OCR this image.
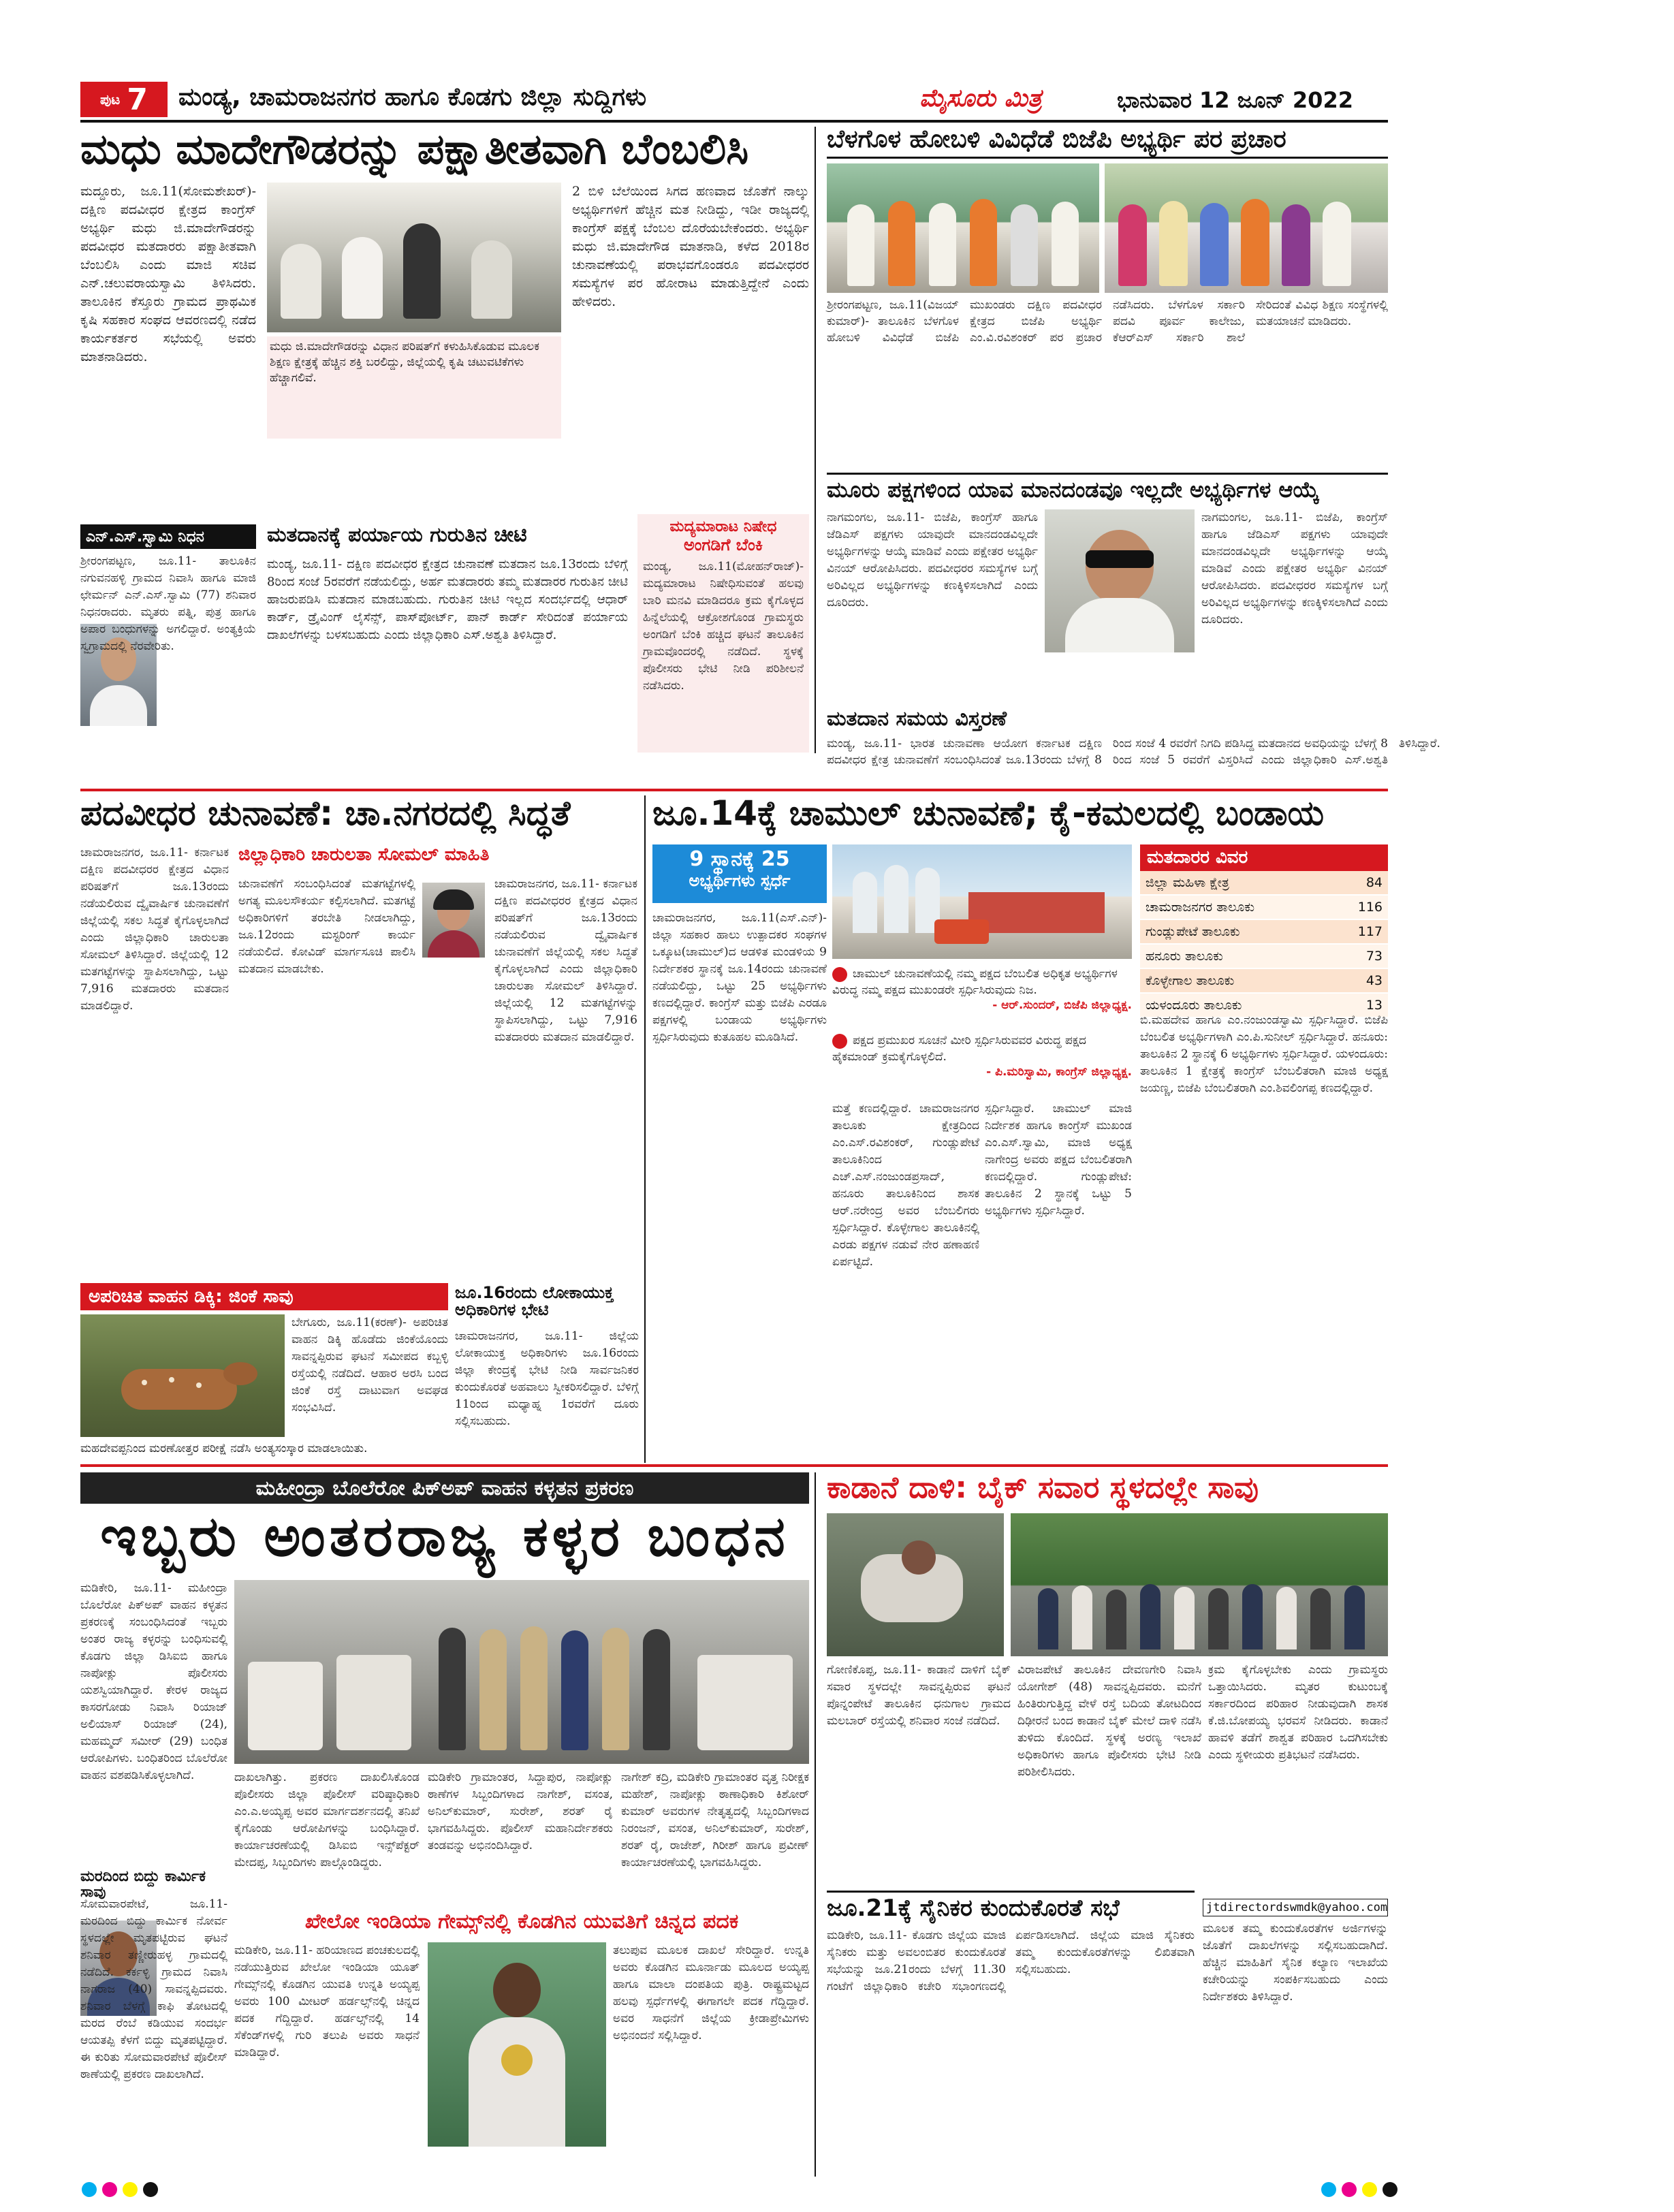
ಪುಟ 7 ಮಂಡ್ಯ, ಚಾಮರಾಜನಗರ ಹಾಗೂ ಕೊಡಗು ಜಿಲ್ಲಾ ಸುದ್ದಿಗಳು	ಮೈಸೂರು ಮಿತ್ರ	ಭಾನುವಾರ 12 ಜೂನ್ 2022
ಮಧು ಮಾದೇಗೌಡರನ್ನು ಪಕ್ಷಾತೀತವಾಗಿ ಬೆಂಬಲಿಸಿ
ಮದ್ದೂರು, ಜೂ.11(ಸೋಮಶೇಖರ್)- ದಕ್ಷಿಣ ಪದವೀಧರ ಕ್ಷೇತ್ರದ ಕಾಂಗ್ರೆಸ್ ಅಭ್ಯರ್ಥಿ ಮಧು ಜಿ.ಮಾದೇಗೌಡರನ್ನು ಪದವೀಧರ ಮತದಾರರು ಪಕ್ಷಾತೀತವಾಗಿ ಬೆಂಬಲಿಸಿ ಎಂದು ಮಾಜಿ ಸಚಿವ ಎನ್.ಚಲುವರಾಯಸ್ವಾಮಿ ತಿಳಿಸಿದರು. ತಾಲೂಕಿನ ಕೆಸ್ತೂರು ಗ್ರಾಮದ ಪ್ರಾಥಮಿಕ ಕೃಷಿ ಸಹಕಾರ ಸಂಘದ ಆವರಣದಲ್ಲಿ ನಡೆದ ಕಾರ್ಯಕರ್ತರ ಸಭೆಯಲ್ಲಿ ಅವರು ಮಾತನಾಡಿದರು.
ಮಧು ಜಿ.ಮಾದೇಗೌಡರನ್ನು ವಿಧಾನ ಪರಿಷತ್‌ಗೆ ಕಳುಹಿಸಿಕೊಡುವ ಮೂಲಕ ಶಿಕ್ಷಣ ಕ್ಷೇತ್ರಕ್ಕೆ ಹೆಚ್ಚಿನ ಶಕ್ತಿ ಬರಲಿದ್ದು, ಜಿಲ್ಲೆಯಲ್ಲಿ ಕೃಷಿ ಚಟುವಟಿಕೆಗಳು ಹೆಚ್ಚಾಗಲಿವೆ.
2 ಬಿಳಿ ಬೆಲೆಯಿಂದ ಸಿಗದ ಹಣವಾದ ಜೊತೆಗೆ ನಾಲ್ಕು ಅಭ್ಯರ್ಥಿಗಳಿಗೆ ಹೆಚ್ಚಿನ ಮತ ನೀಡಿದ್ದು, ಇಡೀ ರಾಜ್ಯದಲ್ಲಿ ಕಾಂಗ್ರೆಸ್ ಪಕ್ಷಕ್ಕೆ ಬೆಂಬಲ ದೊರೆಯಬೇಕೆಂದರು. ಅಭ್ಯರ್ಥಿ ಮಧು ಜಿ.ಮಾದೇಗೌಡ ಮಾತನಾಡಿ, ಕಳೆದ 2018ರ ಚುನಾವಣೆಯಲ್ಲಿ ಪರಾಭವಗೊಂಡರೂ ಪದವೀಧರರ ಸಮಸ್ಯೆಗಳ ಪರ ಹೋರಾಟ ಮಾಡುತ್ತಿದ್ದೇನೆ ಎಂದು ಹೇಳಿದರು.
ಎನ್.ಎಸ್.ಸ್ವಾಮಿ ನಿಧನ
ಶ್ರೀರಂಗಪಟ್ಟಣ, ಜೂ.11- ತಾಲೂಕಿನ ನಗುವನಹಳ್ಳಿ ಗ್ರಾಮದ ನಿವಾಸಿ ಹಾಗೂ ಮಾಜಿ ಛೇರ್ಮನ್ ಎನ್.ಎಸ್.ಸ್ವಾಮಿ (77) ಶನಿವಾರ ನಿಧನರಾದರು. ಮೃತರು ಪತ್ನಿ, ಪುತ್ರ ಹಾಗೂ ಅಪಾರ ಬಂಧುಗಳನ್ನು ಅಗಲಿದ್ದಾರೆ. ಅಂತ್ಯಕ್ರಿಯೆ ಸ್ವಗ್ರಾಮದಲ್ಲಿ ನೆರವೇರಿತು.
ಮತದಾನಕ್ಕೆ ಪರ್ಯಾಯ ಗುರುತಿನ ಚೀಟಿ
ಮಂಡ್ಯ, ಜೂ.11- ದಕ್ಷಿಣ ಪದವೀಧರ ಕ್ಷೇತ್ರದ ಚುನಾವಣೆ ಮತದಾನ ಜೂ.13ರಂದು ಬೆಳಿಗ್ಗೆ 8ರಿಂದ ಸಂಜೆ 5ರವರೆಗೆ ನಡೆಯಲಿದ್ದು, ಅರ್ಹ ಮತದಾರರು ತಮ್ಮ ಮತದಾರರ ಗುರುತಿನ ಚೀಟಿ ಹಾಜರುಪಡಿಸಿ ಮತದಾನ ಮಾಡಬಹುದು. ಗುರುತಿನ ಚೀಟಿ ಇಲ್ಲದ ಸಂದರ್ಭದಲ್ಲಿ ಆಧಾರ್ ಕಾರ್ಡ್, ಡ್ರೈವಿಂಗ್ ಲೈಸೆನ್ಸ್, ಪಾಸ್‌ಪೋರ್ಟ್, ಪಾನ್ ಕಾರ್ಡ್ ಸೇರಿದಂತೆ ಪರ್ಯಾಯ ದಾಖಲೆಗಳನ್ನು ಬಳಸಬಹುದು ಎಂದು ಜಿಲ್ಲಾಧಿಕಾರಿ ಎಸ್.ಅಶ್ವತಿ ತಿಳಿಸಿದ್ದಾರೆ.
ಮದ್ಯಮಾರಾಟ ನಿಷೇಧ
ಅಂಗಡಿಗೆ ಬೆಂಕಿ
ಮಂಡ್ಯ, ಜೂ.11(ಮೋಹನ್‌ರಾಜ್)- ಮದ್ಯಮಾರಾಟ ನಿಷೇಧಿಸುವಂತೆ ಹಲವು ಬಾರಿ ಮನವಿ ಮಾಡಿದರೂ ಕ್ರಮ ಕೈಗೊಳ್ಳದ ಹಿನ್ನೆಲೆಯಲ್ಲಿ ಆಕ್ರೋಶಗೊಂಡ ಗ್ರಾಮಸ್ಥರು ಅಂಗಡಿಗೆ ಬೆಂಕಿ ಹಚ್ಚಿದ ಘಟನೆ ತಾಲೂಕಿನ ಗ್ರಾಮವೊಂದರಲ್ಲಿ ನಡೆದಿದೆ. ಸ್ಥಳಕ್ಕೆ ಪೊಲೀಸರು ಭೇಟಿ ನೀಡಿ ಪರಿಶೀಲನೆ ನಡೆಸಿದರು.
ಬೆಳಗೊಳ ಹೋಬಳಿ ವಿವಿಧೆಡೆ ಬಿಜೆಪಿ ಅಭ್ಯರ್ಥಿ ಪರ ಪ್ರಚಾರ
ಶ್ರೀರಂಗಪಟ್ಟಣ, ಜೂ.11(ವಿಜಯ್ ಕುಮಾರ್)- ತಾಲೂಕಿನ ಬೆಳಗೊಳ ಹೋಬಳಿ ವಿವಿಧೆಡೆ ಬಿಜೆಪಿ ಮುಖಂಡರು ದಕ್ಷಿಣ ಪದವೀಧರ ಕ್ಷೇತ್ರದ ಬಿಜೆಪಿ ಅಭ್ಯರ್ಥಿ ಎಂ.ವಿ.ರವಿಶಂಕರ್ ಪರ ಪ್ರಚಾರ ನಡೆಸಿದರು. ಬೆಳಗೊಳ ಸರ್ಕಾರಿ ಪದವಿ ಪೂರ್ವ ಕಾಲೇಜು, ಕೆಆರ್‌ಎಸ್ ಸರ್ಕಾರಿ ಶಾಲೆ ಸೇರಿದಂತೆ ವಿವಿಧ ಶಿಕ್ಷಣ ಸಂಸ್ಥೆಗಳಲ್ಲಿ ಮತಯಾಚನೆ ಮಾಡಿದರು.
ಮೂರು ಪಕ್ಷಗಳಿಂದ ಯಾವ ಮಾನದಂಡವೂ ಇಲ್ಲದೇ ಅಭ್ಯರ್ಥಿಗಳ ಆಯ್ಕೆ
ನಾಗಮಂಗಲ, ಜೂ.11- ಬಿಜೆಪಿ, ಕಾಂಗ್ರೆಸ್ ಹಾಗೂ ಜೆಡಿಎಸ್ ಪಕ್ಷಗಳು ಯಾವುದೇ ಮಾನದಂಡವಿಲ್ಲದೇ ಅಭ್ಯರ್ಥಿಗಳನ್ನು ಆಯ್ಕೆ ಮಾಡಿವೆ ಎಂದು ಪಕ್ಷೇತರ ಅಭ್ಯರ್ಥಿ ವಿನಯ್ ಆರೋಪಿಸಿದರು. ಪದವೀಧರರ ಸಮಸ್ಯೆಗಳ ಬಗ್ಗೆ ಅರಿವಿಲ್ಲದ ಅಭ್ಯರ್ಥಿಗಳನ್ನು ಕಣಕ್ಕಿಳಿಸಲಾಗಿದೆ ಎಂದು ದೂರಿದರು.
ನಾಗಮಂಗಲ, ಜೂ.11- ಬಿಜೆಪಿ, ಕಾಂಗ್ರೆಸ್ ಹಾಗೂ ಜೆಡಿಎಸ್ ಪಕ್ಷಗಳು ಯಾವುದೇ ಮಾನದಂಡವಿಲ್ಲದೇ ಅಭ್ಯರ್ಥಿಗಳನ್ನು ಆಯ್ಕೆ ಮಾಡಿವೆ ಎಂದು ಪಕ್ಷೇತರ ಅಭ್ಯರ್ಥಿ ವಿನಯ್ ಆರೋಪಿಸಿದರು. ಪದವೀಧರರ ಸಮಸ್ಯೆಗಳ ಬಗ್ಗೆ ಅರಿವಿಲ್ಲದ ಅಭ್ಯರ್ಥಿಗಳನ್ನು ಕಣಕ್ಕಿಳಿಸಲಾಗಿದೆ ಎಂದು ದೂರಿದರು.
ಮತದಾನ ಸಮಯ ವಿಸ್ತರಣೆ
ಮಂಡ್ಯ, ಜೂ.11- ಭಾರತ ಚುನಾವಣಾ ಆಯೋಗ ಕರ್ನಾಟಕ ದಕ್ಷಿಣ ಪದವೀಧರ ಕ್ಷೇತ್ರ ಚುನಾವಣೆಗೆ ಸಂಬಂಧಿಸಿದಂತೆ ಜೂ.13ರಂದು ಬೆಳಗ್ಗೆ 8 ರಿಂದ ಸಂಜೆ 4 ರವರೆಗೆ ನಿಗದಿ ಪಡಿಸಿದ್ದ ಮತದಾನದ ಅವಧಿಯನ್ನು ಬೆಳಗ್ಗೆ 8 ರಿಂದ ಸಂಜೆ 5 ರವರೆಗೆ ವಿಸ್ತರಿಸಿದೆ ಎಂದು ಜಿಲ್ಲಾಧಿಕಾರಿ ಎಸ್.ಅಶ್ವತಿ ತಿಳಿಸಿದ್ದಾರೆ.
ಪದವೀಧರ ಚುನಾವಣೆ: ಚಾ.ನಗರದಲ್ಲಿ ಸಿದ್ಧತೆ
ಚಾಮರಾಜನಗರ, ಜೂ.11- ಕರ್ನಾಟಕ ದಕ್ಷಿಣ ಪದವೀಧರರ ಕ್ಷೇತ್ರದ ವಿಧಾನ ಪರಿಷತ್‌ಗೆ ಜೂ.13ರಂದು ನಡೆಯಲಿರುವ ದ್ವೈವಾರ್ಷಿಕ ಚುನಾವಣೆಗೆ ಜಿಲ್ಲೆಯಲ್ಲಿ ಸಕಲ ಸಿದ್ಧತೆ ಕೈಗೊಳ್ಳಲಾಗಿದೆ ಎಂದು ಜಿಲ್ಲಾಧಿಕಾರಿ ಚಾರುಲತಾ ಸೋಮಲ್ ತಿಳಿಸಿದ್ದಾರೆ. ಜಿಲ್ಲೆಯಲ್ಲಿ 12 ಮತಗಟ್ಟೆಗಳನ್ನು ಸ್ಥಾಪಿಸಲಾಗಿದ್ದು, ಒಟ್ಟು 7,916 ಮತದಾರರು ಮತದಾನ ಮಾಡಲಿದ್ದಾರೆ.
ಜಿಲ್ಲಾಧಿಕಾರಿ ಚಾರುಲತಾ ಸೋಮಲ್ ಮಾಹಿತಿ
ಚುನಾವಣೆಗೆ ಸಂಬಂಧಿಸಿದಂತೆ ಮತಗಟ್ಟೆಗಳಲ್ಲಿ ಅಗತ್ಯ ಮೂಲಸೌಕರ್ಯ ಕಲ್ಪಿಸಲಾಗಿದೆ. ಮತಗಟ್ಟೆ ಅಧಿಕಾರಿಗಳಿಗೆ ತರಬೇತಿ ನೀಡಲಾಗಿದ್ದು, ಜೂ.12ರಂದು ಮಸ್ಟರಿಂಗ್ ಕಾರ್ಯ ನಡೆಯಲಿದೆ. ಕೋವಿಡ್ ಮಾರ್ಗಸೂಚಿ ಪಾಲಿಸಿ ಮತದಾನ ಮಾಡಬೇಕು.
ಚಾಮರಾಜನಗರ, ಜೂ.11- ಕರ್ನಾಟಕ ದಕ್ಷಿಣ ಪದವೀಧರರ ಕ್ಷೇತ್ರದ ವಿಧಾನ ಪರಿಷತ್‌ಗೆ ಜೂ.13ರಂದು ನಡೆಯಲಿರುವ ದ್ವೈವಾರ್ಷಿಕ ಚುನಾವಣೆಗೆ ಜಿಲ್ಲೆಯಲ್ಲಿ ಸಕಲ ಸಿದ್ಧತೆ ಕೈಗೊಳ್ಳಲಾಗಿದೆ ಎಂದು ಜಿಲ್ಲಾಧಿಕಾರಿ ಚಾರುಲತಾ ಸೋಮಲ್ ತಿಳಿಸಿದ್ದಾರೆ. ಜಿಲ್ಲೆಯಲ್ಲಿ 12 ಮತಗಟ್ಟೆಗಳನ್ನು ಸ್ಥಾಪಿಸಲಾಗಿದ್ದು, ಒಟ್ಟು 7,916 ಮತದಾರರು ಮತದಾನ ಮಾಡಲಿದ್ದಾರೆ.
ಅಪರಿಚಿತ ವಾಹನ ಡಿಕ್ಕಿ: ಜಿಂಕೆ ಸಾವು
ಬೇಗೂರು, ಜೂ.11(ಕರಣ್)- ಅಪರಿಚಿತ ವಾಹನ ಡಿಕ್ಕಿ ಹೊಡೆದು ಜಿಂಕೆಯೊಂದು ಸಾವನ್ನಪ್ಪಿರುವ ಘಟನೆ ಸಮೀಪದ ಕಬ್ಬಳ್ಳಿ ರಸ್ತೆಯಲ್ಲಿ ನಡೆದಿದೆ. ಆಹಾರ ಅರಸಿ ಬಂದ ಜಿಂಕೆ ರಸ್ತೆ ದಾಟುವಾಗ ಅವಘಡ ಸಂಭವಿಸಿದೆ.
ಮಹದೇವಪ್ಪನಿಂದ ಮರಣೋತ್ತರ ಪರೀಕ್ಷೆ ನಡೆಸಿ ಅಂತ್ಯಸಂಸ್ಕಾರ ಮಾಡಲಾಯಿತು.
ಜೂ.16ರಂದು ಲೋಕಾಯುಕ್ತ ಅಧಿಕಾರಿಗಳ ಭೇಟಿ
ಚಾಮರಾಜನಗರ, ಜೂ.11- ಜಿಲ್ಲೆಯ ಲೋಕಾಯುಕ್ತ ಅಧಿಕಾರಿಗಳು ಜೂ.16ರಂದು ಜಿಲ್ಲಾ ಕೇಂದ್ರಕ್ಕೆ ಭೇಟಿ ನೀಡಿ ಸಾರ್ವಜನಿಕರ ಕುಂದುಕೊರತೆ ಅಹವಾಲು ಸ್ವೀಕರಿಸಲಿದ್ದಾರೆ. ಬೆಳಿಗ್ಗೆ 11ರಿಂದ ಮಧ್ಯಾಹ್ನ 1ರವರೆಗೆ ದೂರು ಸಲ್ಲಿಸಬಹುದು.
ಜೂ.14ಕ್ಕೆ ಚಾಮುಲ್ ಚುನಾವಣೆ; ಕೈ-ಕಮಲದಲ್ಲಿ ಬಂಡಾಯ
9 ಸ್ಥಾನಕ್ಕೆ 25
ಅಭ್ಯರ್ಥಿಗಳು ಸ್ಪರ್ಧೆ
ಚಾಮರಾಜನಗರ, ಜೂ.11(ಎಸ್.ಎನ್)- ಜಿಲ್ಲಾ ಸಹಕಾರ ಹಾಲು ಉತ್ಪಾದಕರ ಸಂಘಗಳ ಒಕ್ಕೂಟ(ಚಾಮುಲ್)ದ ಆಡಳಿತ ಮಂಡಳಿಯ 9 ನಿರ್ದೇಶಕರ ಸ್ಥಾನಕ್ಕೆ ಜೂ.14ರಂದು ಚುನಾವಣೆ ನಡೆಯಲಿದ್ದು, ಒಟ್ಟು 25 ಅಭ್ಯರ್ಥಿಗಳು ಕಣದಲ್ಲಿದ್ದಾರೆ. ಕಾಂಗ್ರೆಸ್ ಮತ್ತು ಬಿಜೆಪಿ ಎರಡೂ ಪಕ್ಷಗಳಲ್ಲಿ ಬಂಡಾಯ ಅಭ್ಯರ್ಥಿಗಳು ಸ್ಪರ್ಧಿಸಿರುವುದು ಕುತೂಹಲ ಮೂಡಿಸಿದೆ.
ಚಾಮುಲ್ ಚುನಾವಣೆಯಲ್ಲಿ ನಮ್ಮ ಪಕ್ಷದ ಬೆಂಬಲಿತ ಅಧಿಕೃತ ಅಭ್ಯರ್ಥಿಗಳ ವಿರುದ್ಧ ನಮ್ಮ ಪಕ್ಷದ ಮುಖಂಡರೇ ಸ್ಪರ್ಧಿಸಿರುವುದು ನಿಜ.
- ಆರ್.ಸುಂದರ್, ಬಿಜೆಪಿ ಜಿಲ್ಲಾಧ್ಯಕ್ಷ.
ಪಕ್ಷದ ಪ್ರಮುಖರ ಸೂಚನೆ ಮೀರಿ ಸ್ಪರ್ಧಿಸಿರುವವರ ವಿರುದ್ಧ ಪಕ್ಷದ ಹೈಕಮಾಂಡ್ ಕ್ರಮಕೈಗೊಳ್ಳಲಿದೆ.
- ಪಿ.ಮರಿಸ್ವಾಮಿ, ಕಾಂಗ್ರೆಸ್ ಜಿಲ್ಲಾಧ್ಯಕ್ಷ.
ಮತ್ತೆ ಕಣದಲ್ಲಿದ್ದಾರೆ. ಚಾಮರಾಜನಗರ ತಾಲೂಕು ಕ್ಷೇತ್ರದಿಂದ ಎಂ.ಎಸ್.ರವಿಶಂಕರ್, ಗುಂಡ್ಲುಪೇಟೆ ತಾಲೂಕಿನಿಂದ ಎಚ್.ಎಸ್.ನಂಜುಂಡಪ್ರಸಾದ್, ಹನೂರು ತಾಲೂಕಿನಿಂದ ಶಾಸಕ ಆರ್.ನರೇಂದ್ರ ಅವರ ಬೆಂಬಲಿಗರು ಸ್ಪರ್ಧಿಸಿದ್ದಾರೆ. ಕೊಳ್ಳೇಗಾಲ ತಾಲೂಕಿನಲ್ಲಿ ಎರಡು ಪಕ್ಷಗಳ ನಡುವೆ ನೇರ ಹಣಾಹಣಿ ಏರ್ಪಟ್ಟಿದೆ.
ಸ್ಪರ್ಧಿಸಿದ್ದಾರೆ. ಚಾಮುಲ್ ಮಾಜಿ ನಿರ್ದೇಶಕ ಹಾಗೂ ಕಾಂಗ್ರೆಸ್ ಮುಖಂಡ ಎಂ.ಎಸ್.ಸ್ವಾಮಿ, ಮಾಜಿ ಅಧ್ಯಕ್ಷ ನಾಗೇಂದ್ರ ಅವರು ಪಕ್ಷದ ಬೆಂಬಲಿತರಾಗಿ ಕಣದಲ್ಲಿದ್ದಾರೆ. ಗುಂಡ್ಲುಪೇಟೆ: ತಾಲೂಕಿನ 2 ಸ್ಥಾನಕ್ಕೆ ಒಟ್ಟು 5 ಅಭ್ಯರ್ಥಿಗಳು ಸ್ಪರ್ಧಿಸಿದ್ದಾರೆ.
ಮತದಾರರ ವಿವರ
ಜಿಲ್ಲಾ ಮಹಿಳಾ ಕ್ಷೇತ್ರ	84
ಚಾಮರಾಜನಗರ ತಾಲೂಕು	116
ಗುಂಡ್ಲುಪೇಟೆ ತಾಲೂಕು	117
ಹನೂರು ತಾಲೂಕು	73
ಕೊಳ್ಳೇಗಾಲ ತಾಲೂಕು	43
ಯಳಂದೂರು ತಾಲೂಕು	13
ಬಿ.ಮಹದೇವ ಹಾಗೂ ಎಂ.ನಂಜುಂಡಸ್ವಾಮಿ ಸ್ಪರ್ಧಿಸಿದ್ದಾರೆ. ಬಿಜೆಪಿ ಬೆಂಬಲಿತ ಅಭ್ಯರ್ಥಿಗಳಾಗಿ ಎಂ.ಪಿ.ಸುನೀಲ್ ಸ್ಪರ್ಧಿಸಿದ್ದಾರೆ. ಹನೂರು: ತಾಲೂಕಿನ 2 ಸ್ಥಾನಕ್ಕೆ 6 ಅಭ್ಯರ್ಥಿಗಳು ಸ್ಪರ್ಧಿಸಿದ್ದಾರೆ. ಯಳಂದೂರು: ತಾಲೂಕಿನ 1 ಕ್ಷೇತ್ರಕ್ಕೆ ಕಾಂಗ್ರೆಸ್ ಬೆಂಬಲಿತರಾಗಿ ಮಾಜಿ ಅಧ್ಯಕ್ಷ ಜಯಣ್ಣ, ಬಿಜೆಪಿ ಬೆಂಬಲಿತರಾಗಿ ಎಂ.ಶಿವಲಿಂಗಪ್ಪ ಕಣದಲ್ಲಿದ್ದಾರೆ.
ಮಹೀಂದ್ರಾ ಬೊಲೆರೋ ಪಿಕ್‌ಅಪ್ ವಾಹನ ಕಳ್ಳತನ ಪ್ರಕರಣ
ಇಬ್ಬರು ಅಂತರರಾಜ್ಯ ಕಳ್ಳರ ಬಂಧನ
ಮಡಿಕೇರಿ, ಜೂ.11- ಮಹೀಂದ್ರಾ ಬೊಲೆರೋ ಪಿಕ್‌ಅಪ್ ವಾಹನ ಕಳ್ಳತನ ಪ್ರಕರಣಕ್ಕೆ ಸಂಬಂಧಿಸಿದಂತೆ ಇಬ್ಬರು ಅಂತರ ರಾಜ್ಯ ಕಳ್ಳರನ್ನು ಬಂಧಿಸುವಲ್ಲಿ ಕೊಡಗು ಜಿಲ್ಲಾ ಡಿಸಿಐಬಿ ಹಾಗೂ ನಾಪೋಕ್ಲು ಪೊಲೀಸರು ಯಶಸ್ವಿಯಾಗಿದ್ದಾರೆ. ಕೇರಳ ರಾಜ್ಯದ ಕಾಸರಗೋಡು ನಿವಾಸಿ ರಿಯಾಜ್ ಅಲಿಯಾಸ್ ರಿಯಾಜ್ (24), ಮಹಮ್ಮದ್ ಸಮೀರ್ (29) ಬಂಧಿತ ಆರೋಪಿಗಳು. ಬಂಧಿತರಿಂದ ಬೊಲೆರೋ ವಾಹನ ವಶಪಡಿಸಿಕೊಳ್ಳಲಾಗಿದೆ.	ದಾಖಲಾಗಿತ್ತು. ಪ್ರಕರಣ ದಾಖಲಿಸಿಕೊಂಡ ಪೊಲೀಸರು ಜಿಲ್ಲಾ ಪೊಲೀಸ್ ವರಿಷ್ಠಾಧಿಕಾರಿ ಎಂ.ಎ.ಅಯ್ಯಪ್ಪ ಅವರ ಮಾರ್ಗದರ್ಶನದಲ್ಲಿ ತನಿಖೆ ಕೈಗೊಂಡು ಆರೋಪಿಗಳನ್ನು ಬಂಧಿಸಿದ್ದಾರೆ. ಕಾರ್ಯಾಚರಣೆಯಲ್ಲಿ ಡಿಸಿಐಬಿ ಇನ್ಸ್‌ಪೆಕ್ಟರ್ ಮೇದಪ್ಪ, ಸಿಬ್ಬಂದಿಗಳು ಪಾಲ್ಗೊಂಡಿದ್ದರು.
ಮಡಿಕೇರಿ ಗ್ರಾಮಾಂತರ, ಸಿದ್ದಾಪುರ, ನಾಪೋಕ್ಲು ಠಾಣೆಗಳ ಸಿಬ್ಬಂದಿಗಳಾದ ನಾಗೇಶ್, ವಸಂತ, ಅನಿಲ್‌ಕುಮಾರ್, ಸುರೇಶ್, ಶರತ್ ರೈ ಭಾಗವಹಿಸಿದ್ದರು. ಪೊಲೀಸ್ ಮಹಾನಿರ್ದೇಶಕರು ತಂಡವನ್ನು ಅಭಿನಂದಿಸಿದ್ದಾರೆ.
ನಾಗೇಶ್ ಕದ್ರಿ, ಮಡಿಕೇರಿ ಗ್ರಾಮಾಂತರ ವೃತ್ತ ನಿರೀಕ್ಷಕ ಮಹೇಶ್, ನಾಪೋಕ್ಲು ಠಾಣಾಧಿಕಾರಿ ಕಿಶೋರ್ ಕುಮಾರ್ ಅವರುಗಳ ನೇತೃತ್ವದಲ್ಲಿ ಸಿಬ್ಬಂದಿಗಳಾದ ನಿರಂಜನ್, ವಸಂತ, ಅನಿಲ್‌ಕುಮಾರ್, ಸುರೇಶ್, ಶರತ್ ರೈ, ರಾಜೇಶ್, ಗಿರೀಶ್ ಹಾಗೂ ಪ್ರವೀಣ್ ಕಾರ್ಯಾಚರಣೆಯಲ್ಲಿ ಭಾಗವಹಿಸಿದ್ದರು.
ಮರದಿಂದ ಬಿದ್ದು ಕಾರ್ಮಿಕ ಸಾವು
ಸೋಮವಾರಪೇಟೆ, ಜೂ.11- ಮರದಿಂದ ಬಿದ್ದು ಕಾರ್ಮಿಕ ನೋರ್ವ ಸ್ಥಳದಲ್ಲೇ ಮೃತಪಟ್ಟಿರುವ ಘಟನೆ ಶನಿವಾರ ತಣ್ಣೀರುಹಳ್ಳ ಗ್ರಾಮದಲ್ಲಿ ನಡೆದಿದೆ. ಕರ್ಕಳ್ಳಿ ಗ್ರಾಮದ ನಿವಾಸಿ ನಾಗರಾಜ (40) ಸಾವನ್ನಪ್ಪಿದವರು. ಶನಿವಾರ ಬೆಳಗ್ಗೆ ಕಾಫಿ ತೋಟದಲ್ಲಿ ಮರದ ರೆಂಬೆ ಕಡಿಯುವ ಸಂದರ್ಭ ಆಯತಪ್ಪಿ ಕೆಳಗೆ ಬಿದ್ದು ಮೃತಪಟ್ಟಿದ್ದಾರೆ. ಈ ಕುರಿತು ಸೋಮವಾರಪೇಟೆ ಪೊಲೀಸ್ ಠಾಣೆಯಲ್ಲಿ ಪ್ರಕರಣ ದಾಖಲಾಗಿದೆ.
ಖೇಲೋ ಇಂಡಿಯಾ ಗೇಮ್ಸ್‌ನಲ್ಲಿ ಕೊಡಗಿನ ಯುವತಿಗೆ ಚಿನ್ನದ ಪದಕ
ಮಡಿಕೇರಿ, ಜೂ.11- ಹರಿಯಾಣದ ಪಂಚಕುಲದಲ್ಲಿ ನಡೆಯುತ್ತಿರುವ ಖೇಲೋ ಇಂಡಿಯಾ ಯೂತ್ ಗೇಮ್ಸ್‌ನಲ್ಲಿ ಕೊಡಗಿನ ಯುವತಿ ಉನ್ನತಿ ಅಯ್ಯಪ್ಪ ಅವರು 100 ಮೀಟರ್ ಹರ್ಡಲ್ಸ್‌ನಲ್ಲಿ ಚಿನ್ನದ ಪದಕ ಗೆದ್ದಿದ್ದಾರೆ. ಹರ್ಡಲ್ಸ್‌ನಲ್ಲಿ 14 ಸೆಕೆಂಡ್‌ಗಳಲ್ಲಿ ಗುರಿ ತಲುಪಿ ಅವರು ಸಾಧನೆ ಮಾಡಿದ್ದಾರೆ.
ತಲುಪುವ ಮೂಲಕ ದಾಖಲೆ ಸೇರಿದ್ದಾರೆ. ಉನ್ನತಿ ಅವರು ಕೊಡಗಿನ ಮೂರ್ನಾಡು ಮೂಲದ ಅಯ್ಯಪ್ಪ ಹಾಗೂ ಮಾಲಾ ದಂಪತಿಯ ಪುತ್ರಿ. ರಾಷ್ಟ್ರಮಟ್ಟದ ಹಲವು ಸ್ಪರ್ಧೆಗಳಲ್ಲಿ ಈಗಾಗಲೇ ಪದಕ ಗೆದ್ದಿದ್ದಾರೆ. ಅವರ ಸಾಧನೆಗೆ ಜಿಲ್ಲೆಯ ಕ್ರೀಡಾಪ್ರೇಮಿಗಳು ಅಭಿನಂದನೆ ಸಲ್ಲಿಸಿದ್ದಾರೆ.
ಕಾಡಾನೆ ದಾಳಿ: ಬೈಕ್ ಸವಾರ ಸ್ಥಳದಲ್ಲೇ ಸಾವು
ಗೋಣಿಕೊಪ್ಪ, ಜೂ.11- ಕಾಡಾನೆ ದಾಳಿಗೆ ಬೈಕ್ ಸವಾರ ಸ್ಥಳದಲ್ಲೇ ಸಾವನ್ನಪ್ಪಿರುವ ಘಟನೆ ಪೊನ್ನಂಪೇಟೆ ತಾಲೂಕಿನ ಧನುಗಾಲ ಗ್ರಾಮದ ಮಲಬಾರ್ ರಸ್ತೆಯಲ್ಲಿ ಶನಿವಾರ ಸಂಜೆ ನಡೆದಿದೆ.
ವಿರಾಜಪೇಟೆ ತಾಲೂಕಿನ ದೇವಣಗೇರಿ ನಿವಾಸಿ ಯೋಗೇಶ್ (48) ಸಾವನ್ನಪ್ಪಿದವರು. ಮನೆಗೆ ಹಿಂತಿರುಗುತ್ತಿದ್ದ ವೇಳೆ ರಸ್ತೆ ಬದಿಯ ತೋಟದಿಂದ ದಿಢೀರನೆ ಬಂದ ಕಾಡಾನೆ ಬೈಕ್ ಮೇಲೆ ದಾಳಿ ನಡೆಸಿ ತುಳಿದು ಕೊಂದಿದೆ. ಸ್ಥಳಕ್ಕೆ ಅರಣ್ಯ ಇಲಾಖೆ ಅಧಿಕಾರಿಗಳು ಹಾಗೂ ಪೊಲೀಸರು ಭೇಟಿ ನೀಡಿ ಪರಿಶೀಲಿಸಿದರು.
ಕ್ರಮ ಕೈಗೊಳ್ಳಬೇಕು ಎಂದು ಗ್ರಾಮಸ್ಥರು ಒತ್ತಾಯಿಸಿದರು. ಮೃತರ ಕುಟುಂಬಕ್ಕೆ ಸರ್ಕಾರದಿಂದ ಪರಿಹಾರ ನೀಡುವುದಾಗಿ ಶಾಸಕ ಕೆ.ಜಿ.ಬೋಪಯ್ಯ ಭರವಸೆ ನೀಡಿದರು. ಕಾಡಾನೆ ಹಾವಳಿ ತಡೆಗೆ ಶಾಶ್ವತ ಪರಿಹಾರ ಒದಗಿಸಬೇಕು ಎಂದು ಸ್ಥಳೀಯರು ಪ್ರತಿಭಟನೆ ನಡೆಸಿದರು.
ಜೂ.21ಕ್ಕೆ ಸೈನಿಕರ ಕುಂದುಕೊರತೆ ಸಭೆ
ಮಡಿಕೇರಿ, ಜೂ.11- ಕೊಡಗು ಜಿಲ್ಲೆಯ ಮಾಜಿ ಸೈನಿಕರು ಮತ್ತು ಅವಲಂಬಿತರ ಕುಂದುಕೊರತೆ ಸಭೆಯನ್ನು ಜೂ.21ರಂದು ಬೆಳಗ್ಗೆ 11.30 ಗಂಟೆಗೆ ಜಿಲ್ಲಾಧಿಕಾರಿ ಕಚೇರಿ ಸಭಾಂಗಣದಲ್ಲಿ ಏರ್ಪಡಿಸಲಾಗಿದೆ. ಜಿಲ್ಲೆಯ ಮಾಜಿ ಸೈನಿಕರು ತಮ್ಮ ಕುಂದುಕೊರತೆಗಳನ್ನು ಲಿಖಿತವಾಗಿ ಸಲ್ಲಿಸಬಹುದು.
jtdirectordswmdk@yahoo.com
ಮೂಲಕ ತಮ್ಮ ಕುಂದುಕೊರತೆಗಳ ಅರ್ಜಿಗಳನ್ನು ಜೊತೆಗೆ ದಾಖಲೆಗಳನ್ನು ಸಲ್ಲಿಸಬಹುದಾಗಿದೆ. ಹೆಚ್ಚಿನ ಮಾಹಿತಿಗೆ ಸೈನಿಕ ಕಲ್ಯಾಣ ಇಲಾಖೆಯ ಕಚೇರಿಯನ್ನು ಸಂಪರ್ಕಿಸಬಹುದು ಎಂದು ನಿರ್ದೇಶಕರು ತಿಳಿಸಿದ್ದಾರೆ.
